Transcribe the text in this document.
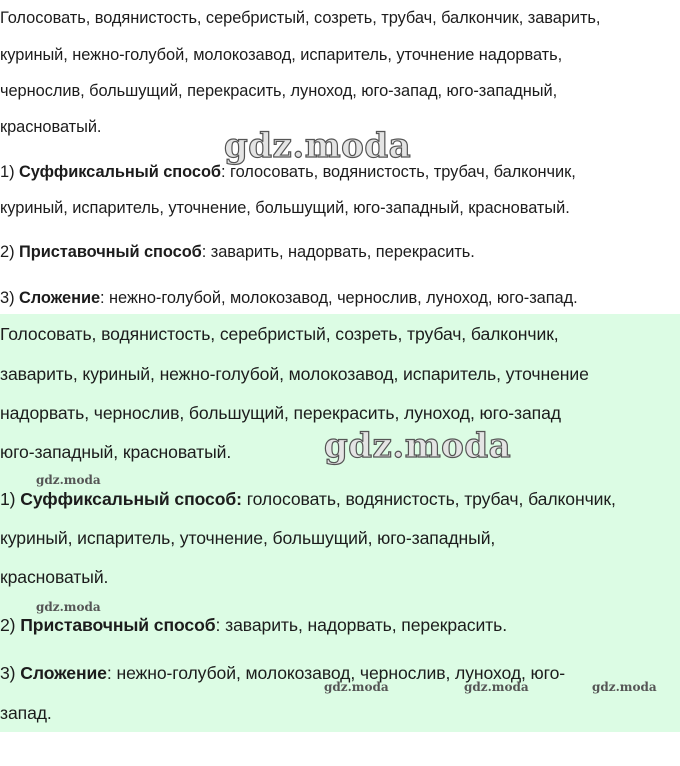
Голосовать, водянистость, серебристый, созреть, трубач, балкончик, заварить,
куриный, нежно-голубой, молокозавод, испаритель, уточнение надорвать,
чернослив, большущий, перекрасить, луноход, юго-запад, юго-западный,
красноватый.
1) Суффиксальный способ: голосовать, водянистость, трубач, балкончик,
куриный, испаритель, уточнение, большущий, юго-западный, красноватый.
2) Приставочный способ: заварить, надорвать, перекрасить.
3) Сложение: нежно-голубой, молокозавод, чернослив, луноход, юго-запад.
Голосовать, водянистость, серебристый, созреть, трубач, балкончик,
заварить, куриный, нежно-голубой, молокозавод, испаритель, уточнение
надорвать, чернослив, большущий, перекрасить, луноход, юго-запад
юго-западный, красноватый.
1) Суффиксальный способ: голосовать, водянистость, трубач, балкончик,
куриный, испаритель, уточнение, большущий, юго-западный,
красноватый.
2) Приставочный способ: заварить, надорвать, перекрасить.
3) Сложение: нежно-голубой, молокозавод, чернослив, луноход, юго-
запад.
gdz.moda
gdz.moda
gdz.moda
gdz.moda
gdz.moda	gdz.moda	gdz.moda
